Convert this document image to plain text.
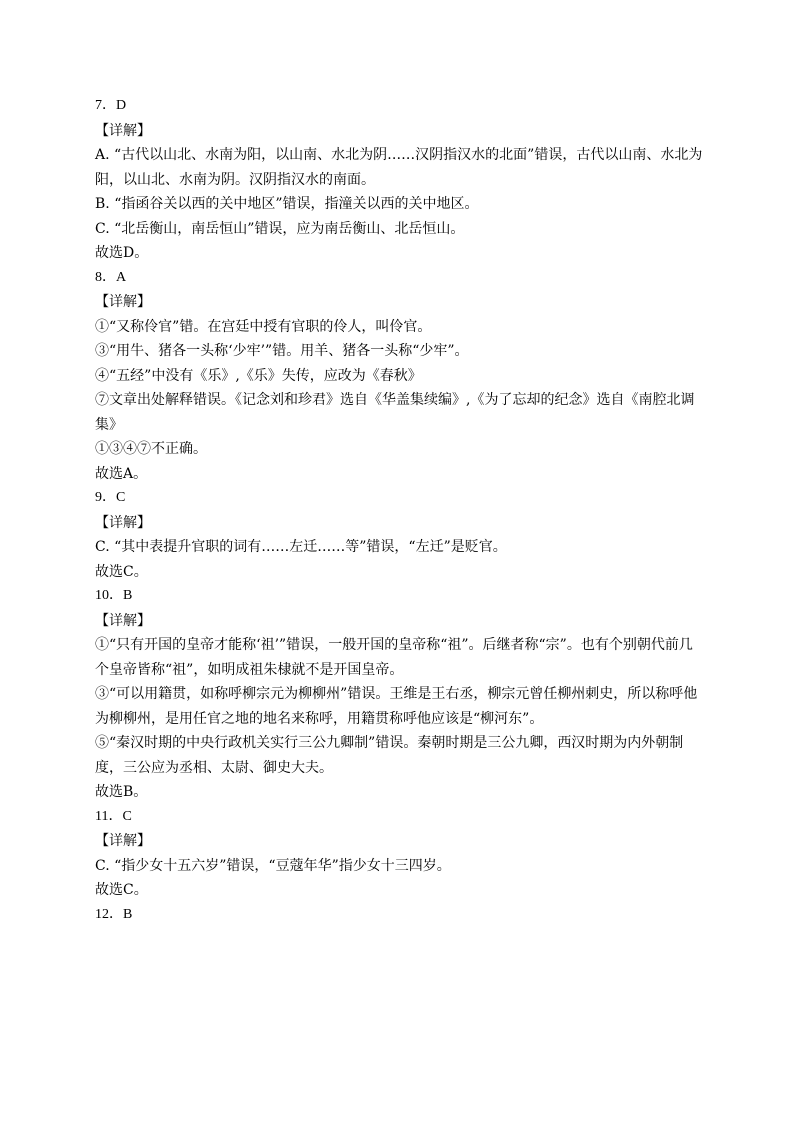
7．D
【详解】
A. “古代以山北、水南为阳，以山南、水北为阴……汉阴指汉水的北面”错误，古代以山南、水北为阳，以山北、水南为阴。汉阴指汉水的南面。
B. “指函谷关以西的关中地区”错误，指潼关以西的关中地区。
C. “北岳衡山，南岳恒山”错误，应为南岳衡山、北岳恒山。
故选D。
8．A
【详解】
①“又称伶官”错。在宫廷中授有官职的伶人，叫伶官。
③“用牛、猪各一头称‘少牢’”错。用羊、猪各一头称“少牢”。
④“五经”中没有《乐》,《乐》失传，应改为《春秋》
⑦文章出处解释错误。《记念刘和珍君》选自《华盖集续编》,《为了忘却的纪念》选自《南腔北调集》
①③④⑦不正确。
故选A。
9．C
【详解】
C. “其中表提升官职的词有……左迁……等”错误，“左迁”是贬官。
故选C。
10．B
【详解】
①“只有开国的皇帝才能称‘祖’”错误，一般开国的皇帝称“祖”。后继者称“宗”。也有个别朝代前几个皇帝皆称“祖”，如明成祖朱棣就不是开国皇帝。
③“可以用籍贯，如称呼柳宗元为柳柳州”错误。王维是王右丞，柳宗元曾任柳州刺史，所以称呼他为柳柳州，是用任官之地的地名来称呼，用籍贯称呼他应该是“柳河东”。
⑤“秦汉时期的中央行政机关实行三公九卿制”错误。秦朝时期是三公九卿，西汉时期为内外朝制度，三公应为丞相、太尉、御史大夫。
故选B。
11．C
【详解】
C. “指少女十五六岁”错误，“豆蔻年华”指少女十三四岁。
故选C。
12．B
